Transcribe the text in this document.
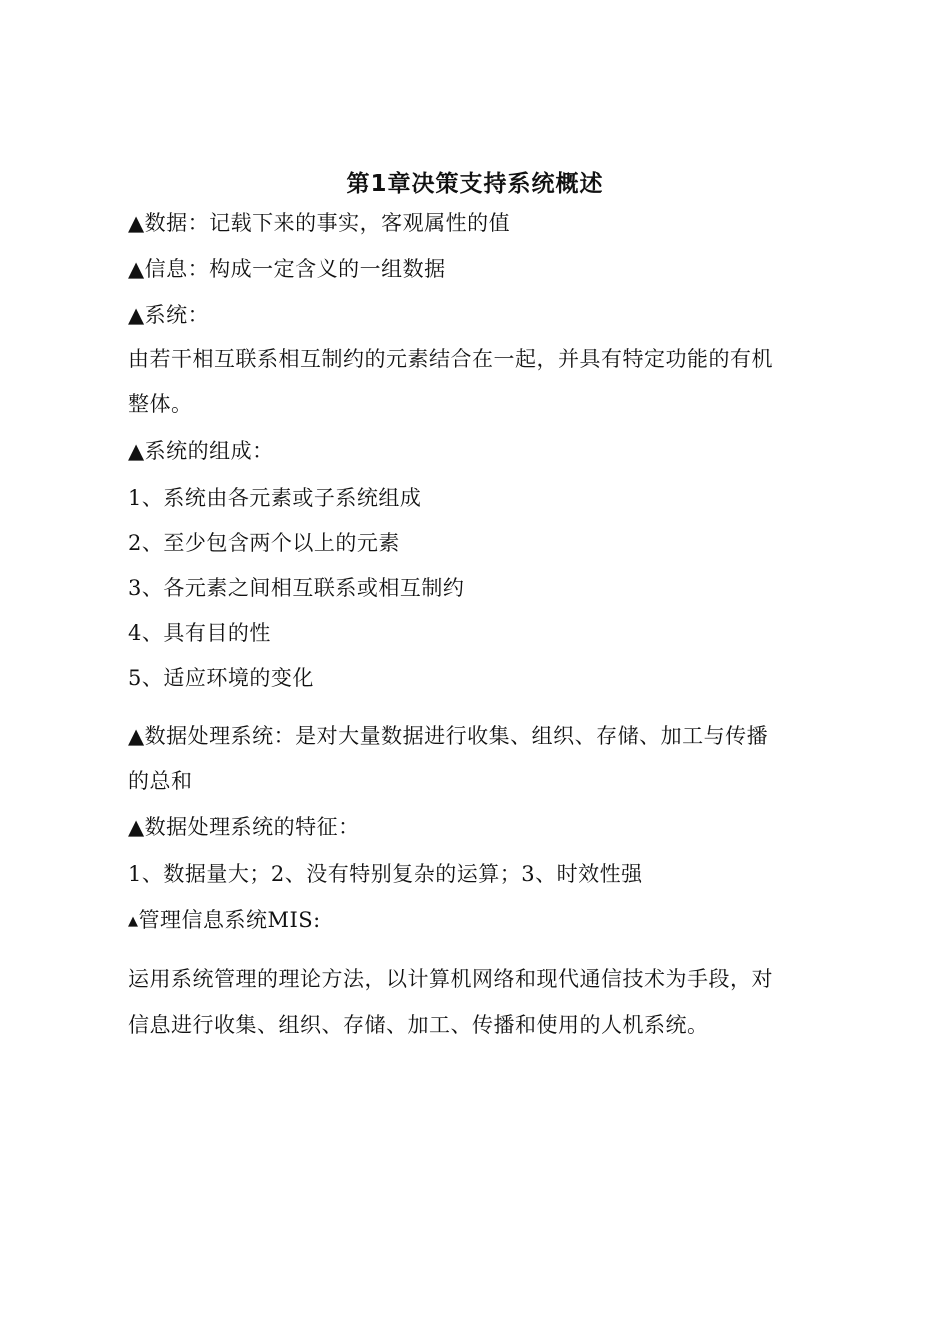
第1章决策支持系统概述
▲数据：记载下来的事实，客观属性的值
▲信息：构成一定含义的一组数据
▲系统：
由若干相互联系相互制约的元素结合在一起，并具有特定功能的有机
整体。
▲系统的组成：
1、系统由各元素或子系统组成
2、至少包含两个以上的元素
3、各元素之间相互联系或相互制约
4、具有目的性
5、适应环境的变化
▲数据处理系统：是对大量数据进行收集、组织、存储、加工与传播
的总和
▲数据处理系统的特征：
1、数据量大；2、没有特别复杂的运算；3、时效性强
▲管理信息系统MIS:
运用系统管理的理论方法，以计算机网络和现代通信技术为手段，对
信息进行收集、组织、存储、加工、传播和使用的人机系统。
